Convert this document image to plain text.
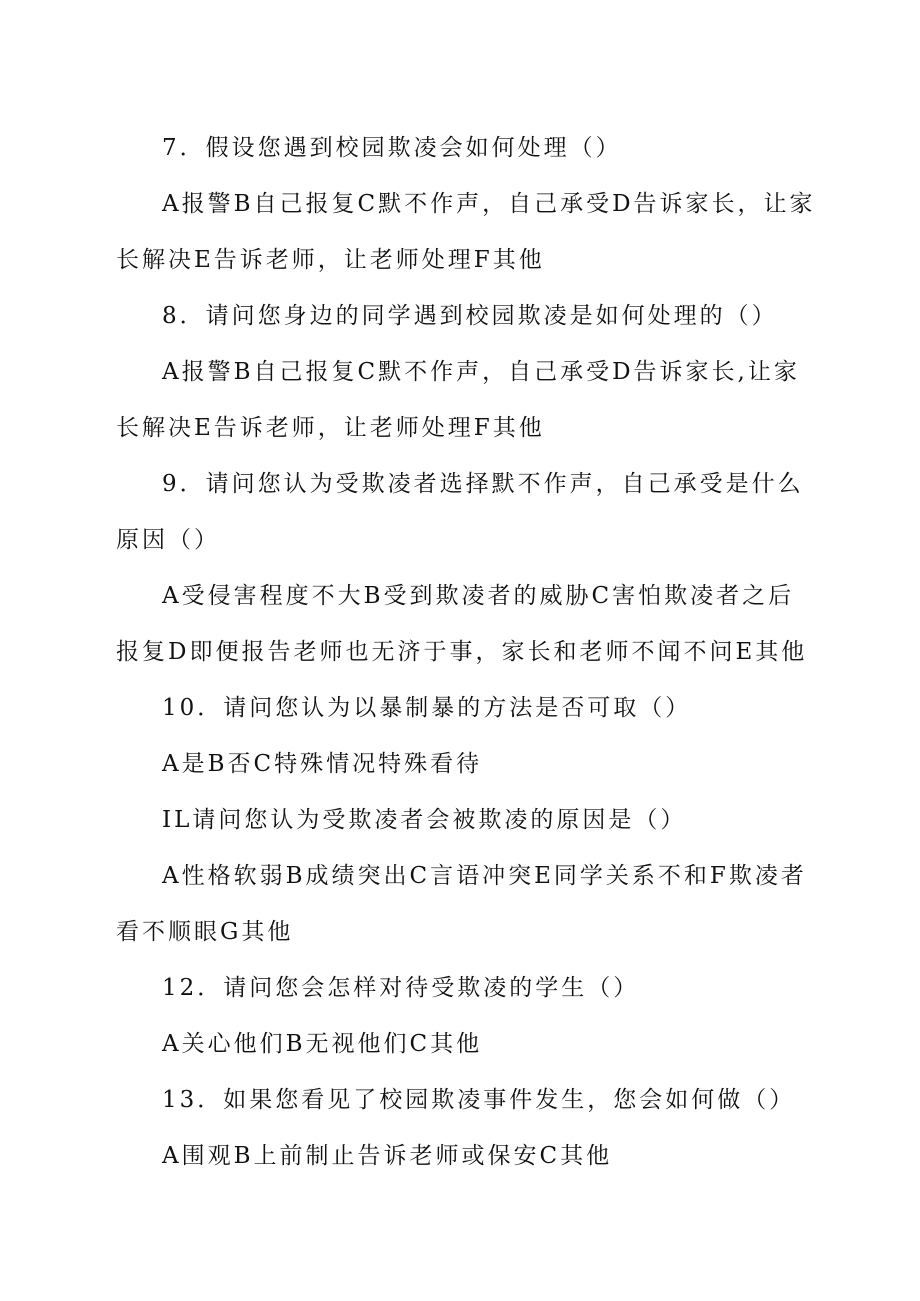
7．假设您遇到校园欺凌会如何处理（）

A报警B自己报复C默不作声，自己承受D告诉家长，让家长解决E告诉老师，让老师处理F其他

8．请问您身边的同学遇到校园欺凌是如何处理的（）

A报警B自己报复C默不作声，自己承受D告诉家长,让家长解决E告诉老师，让老师处理F其他

9．请问您认为受欺凌者选择默不作声，自己承受是什么原因（）

A受侵害程度不大B受到欺凌者的威胁C害怕欺凌者之后报复D即便报告老师也无济于事，家长和老师不闻不问E其他

10．请问您认为以暴制暴的方法是否可取（）

A是B否C特殊情况特殊看待

IL请问您认为受欺凌者会被欺凌的原因是（）

A性格软弱B成绩突出C言语冲突E同学关系不和F欺凌者看不顺眼G其他

12．请问您会怎样对待受欺凌的学生（）

A关心他们B无视他们C其他

13．如果您看见了校园欺凌事件发生，您会如何做（）

A围观B上前制止告诉老师或保安C其他
